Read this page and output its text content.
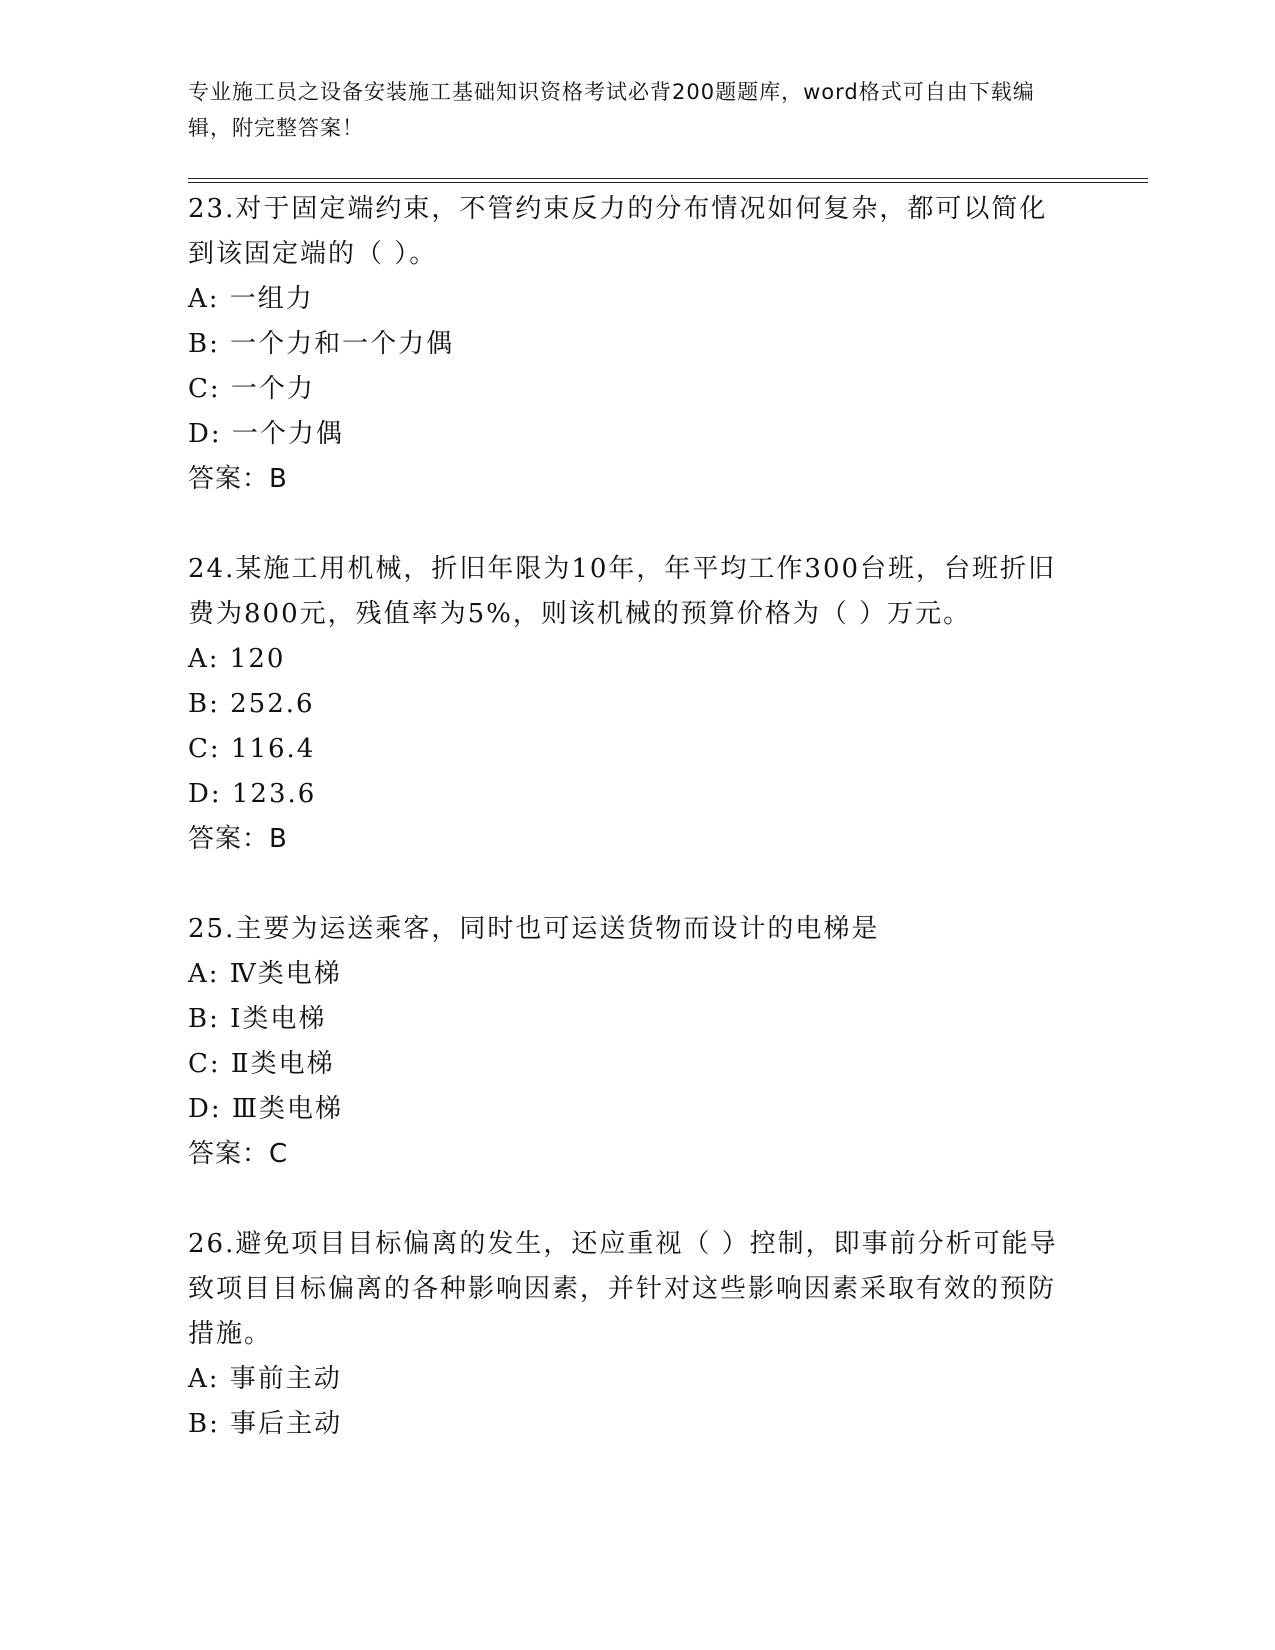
专业施工员之设备安装施工基础知识资格考试必背200题题库，word格式可自由下载编辑，附完整答案！
23.对于固定端约束，不管约束反力的分布情况如何复杂，都可以简化到该固定端的（ ）。
A: 一组力
B: 一个力和一个力偶
C: 一个力
D: 一个力偶
答案：B
24.某施工用机械，折旧年限为10年，年平均工作300台班，台班折旧费为800元，残值率为5%，则该机械的预算价格为（ ）万元。
A: 120
B: 252.6
C: 116.4
D: 123.6
答案：B
25.主要为运送乘客，同时也可运送货物而设计的电梯是
A: Ⅳ类电梯
B: Ⅰ类电梯
C: Ⅱ类电梯
D: Ⅲ类电梯
答案：C
26.避免项目目标偏离的发生，还应重视（ ）控制，即事前分析可能导致项目目标偏离的各种影响因素，并针对这些影响因素采取有效的预防措施。
A: 事前主动
B: 事后主动
